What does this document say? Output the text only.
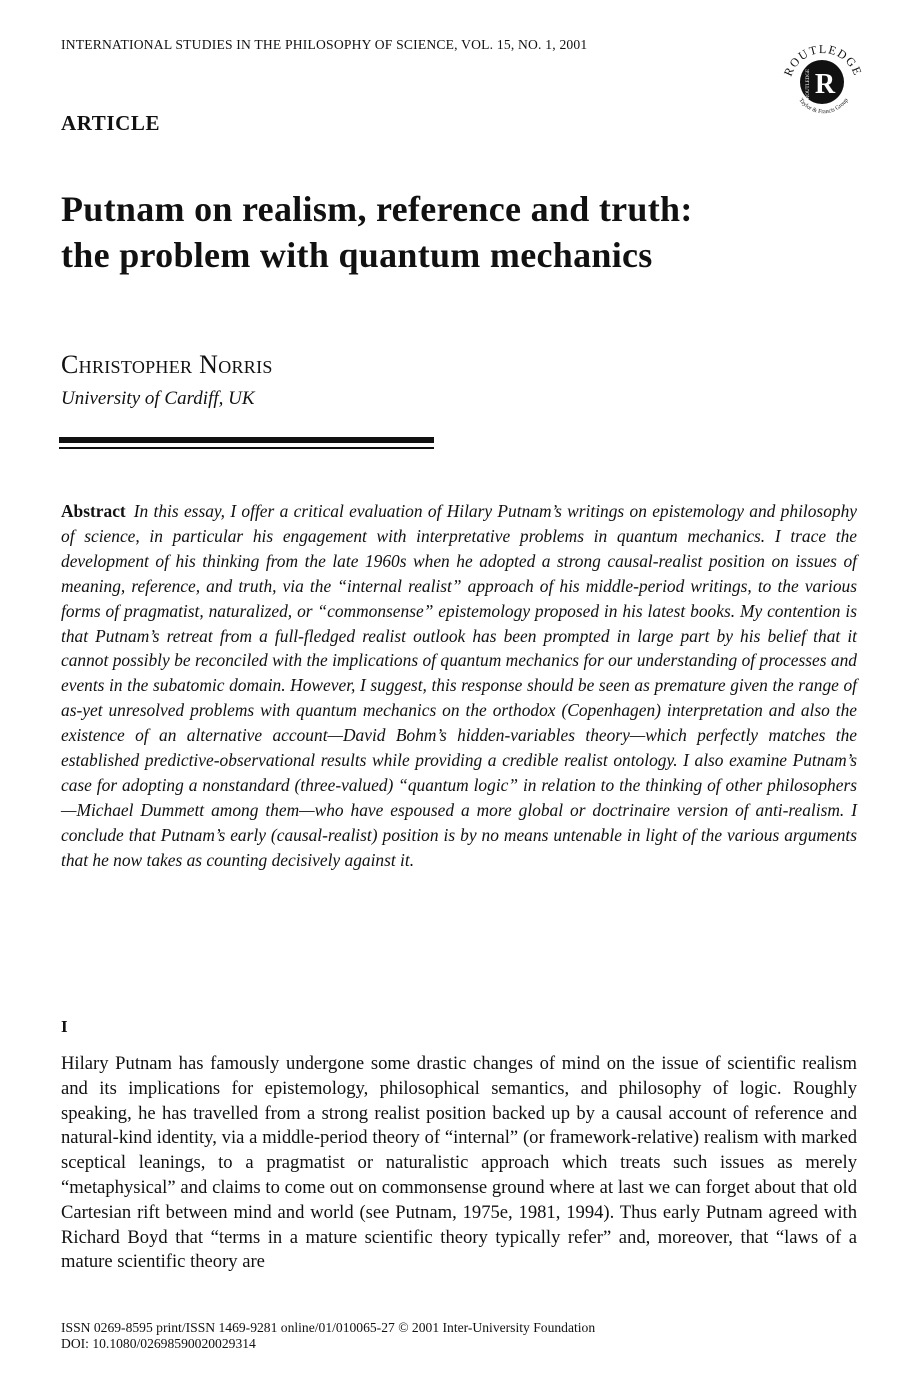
INTERNATIONAL STUDIES IN THE PHILOSOPHY OF SCIENCE, VOL. 15, NO. 1, 2001
ROUTLEDGE
Taylor & Francis Group
ROUTLEDGE R
ARTICLE
Putnam on realism, reference and truth:
the problem with quantum mechanics
Christopher Norris
University of Cardiff, UK

Abstract In this essay, I offer a critical evaluation of Hilary Putnam’s writings on epistemology and philosophy of science, in particular his engagement with interpretative problems in quantum mechanics. I trace the development of his thinking from the late 1960s when he adopted a strong causal-realist position on issues of meaning, reference, and truth, via the “internal realist” approach of his middle-period writings, to the various forms of pragmatist, naturalized, or “commonsense” epistemology proposed in his latest books. My contention is that Putnam’s retreat from a full-fledged realist outlook has been prompted in large part by his belief that it cannot possibly be reconciled with the implications of quantum mechanics for our understanding of processes and events in the subatomic domain. However, I suggest, this response should be seen as premature given the range of as-yet unresolved problems with quantum mechanics on the orthodox (Copenhagen) interpretation and also the existence of an alternative account—David Bohm’s hidden-variables theory—which perfectly matches the established predictive-observational results while providing a credible realist ontology. I also examine Putnam’s case for adopting a nonstandard (three-valued) “quantum logic” in relation to the thinking of other philosophers—Michael Dummett among them—who have espoused a more global or doctrinaire version of anti-realism. I conclude that Putnam’s early (causal-realist) position is by no means untenable in light of the various arguments that he now takes as counting decisively against it.

I

Hilary Putnam has famously undergone some drastic changes of mind on the issue of scientific realism and its implications for epistemology, philosophical semantics, and philosophy of logic. Roughly speaking, he has travelled from a strong realist position backed up by a causal account of reference and natural-kind identity, via a middle-period theory of “internal” (or framework-relative) realism with marked sceptical leanings, to a pragmatist or naturalistic approach which treats such issues as merely “metaphysical” and claims to come out on commonsense ground where at last we can forget about that old Cartesian rift between mind and world (see Putnam, 1975e, 1981, 1994). Thus early Putnam agreed with Richard Boyd that “terms in a mature scientific theory typically refer” and, moreover, that “laws of a mature scientific theory are

ISSN 0269-8595 print/ISSN 1469-9281 online/01/010065-27 © 2001 Inter-University Foundation
DOI: 10.1080/02698590020029314
